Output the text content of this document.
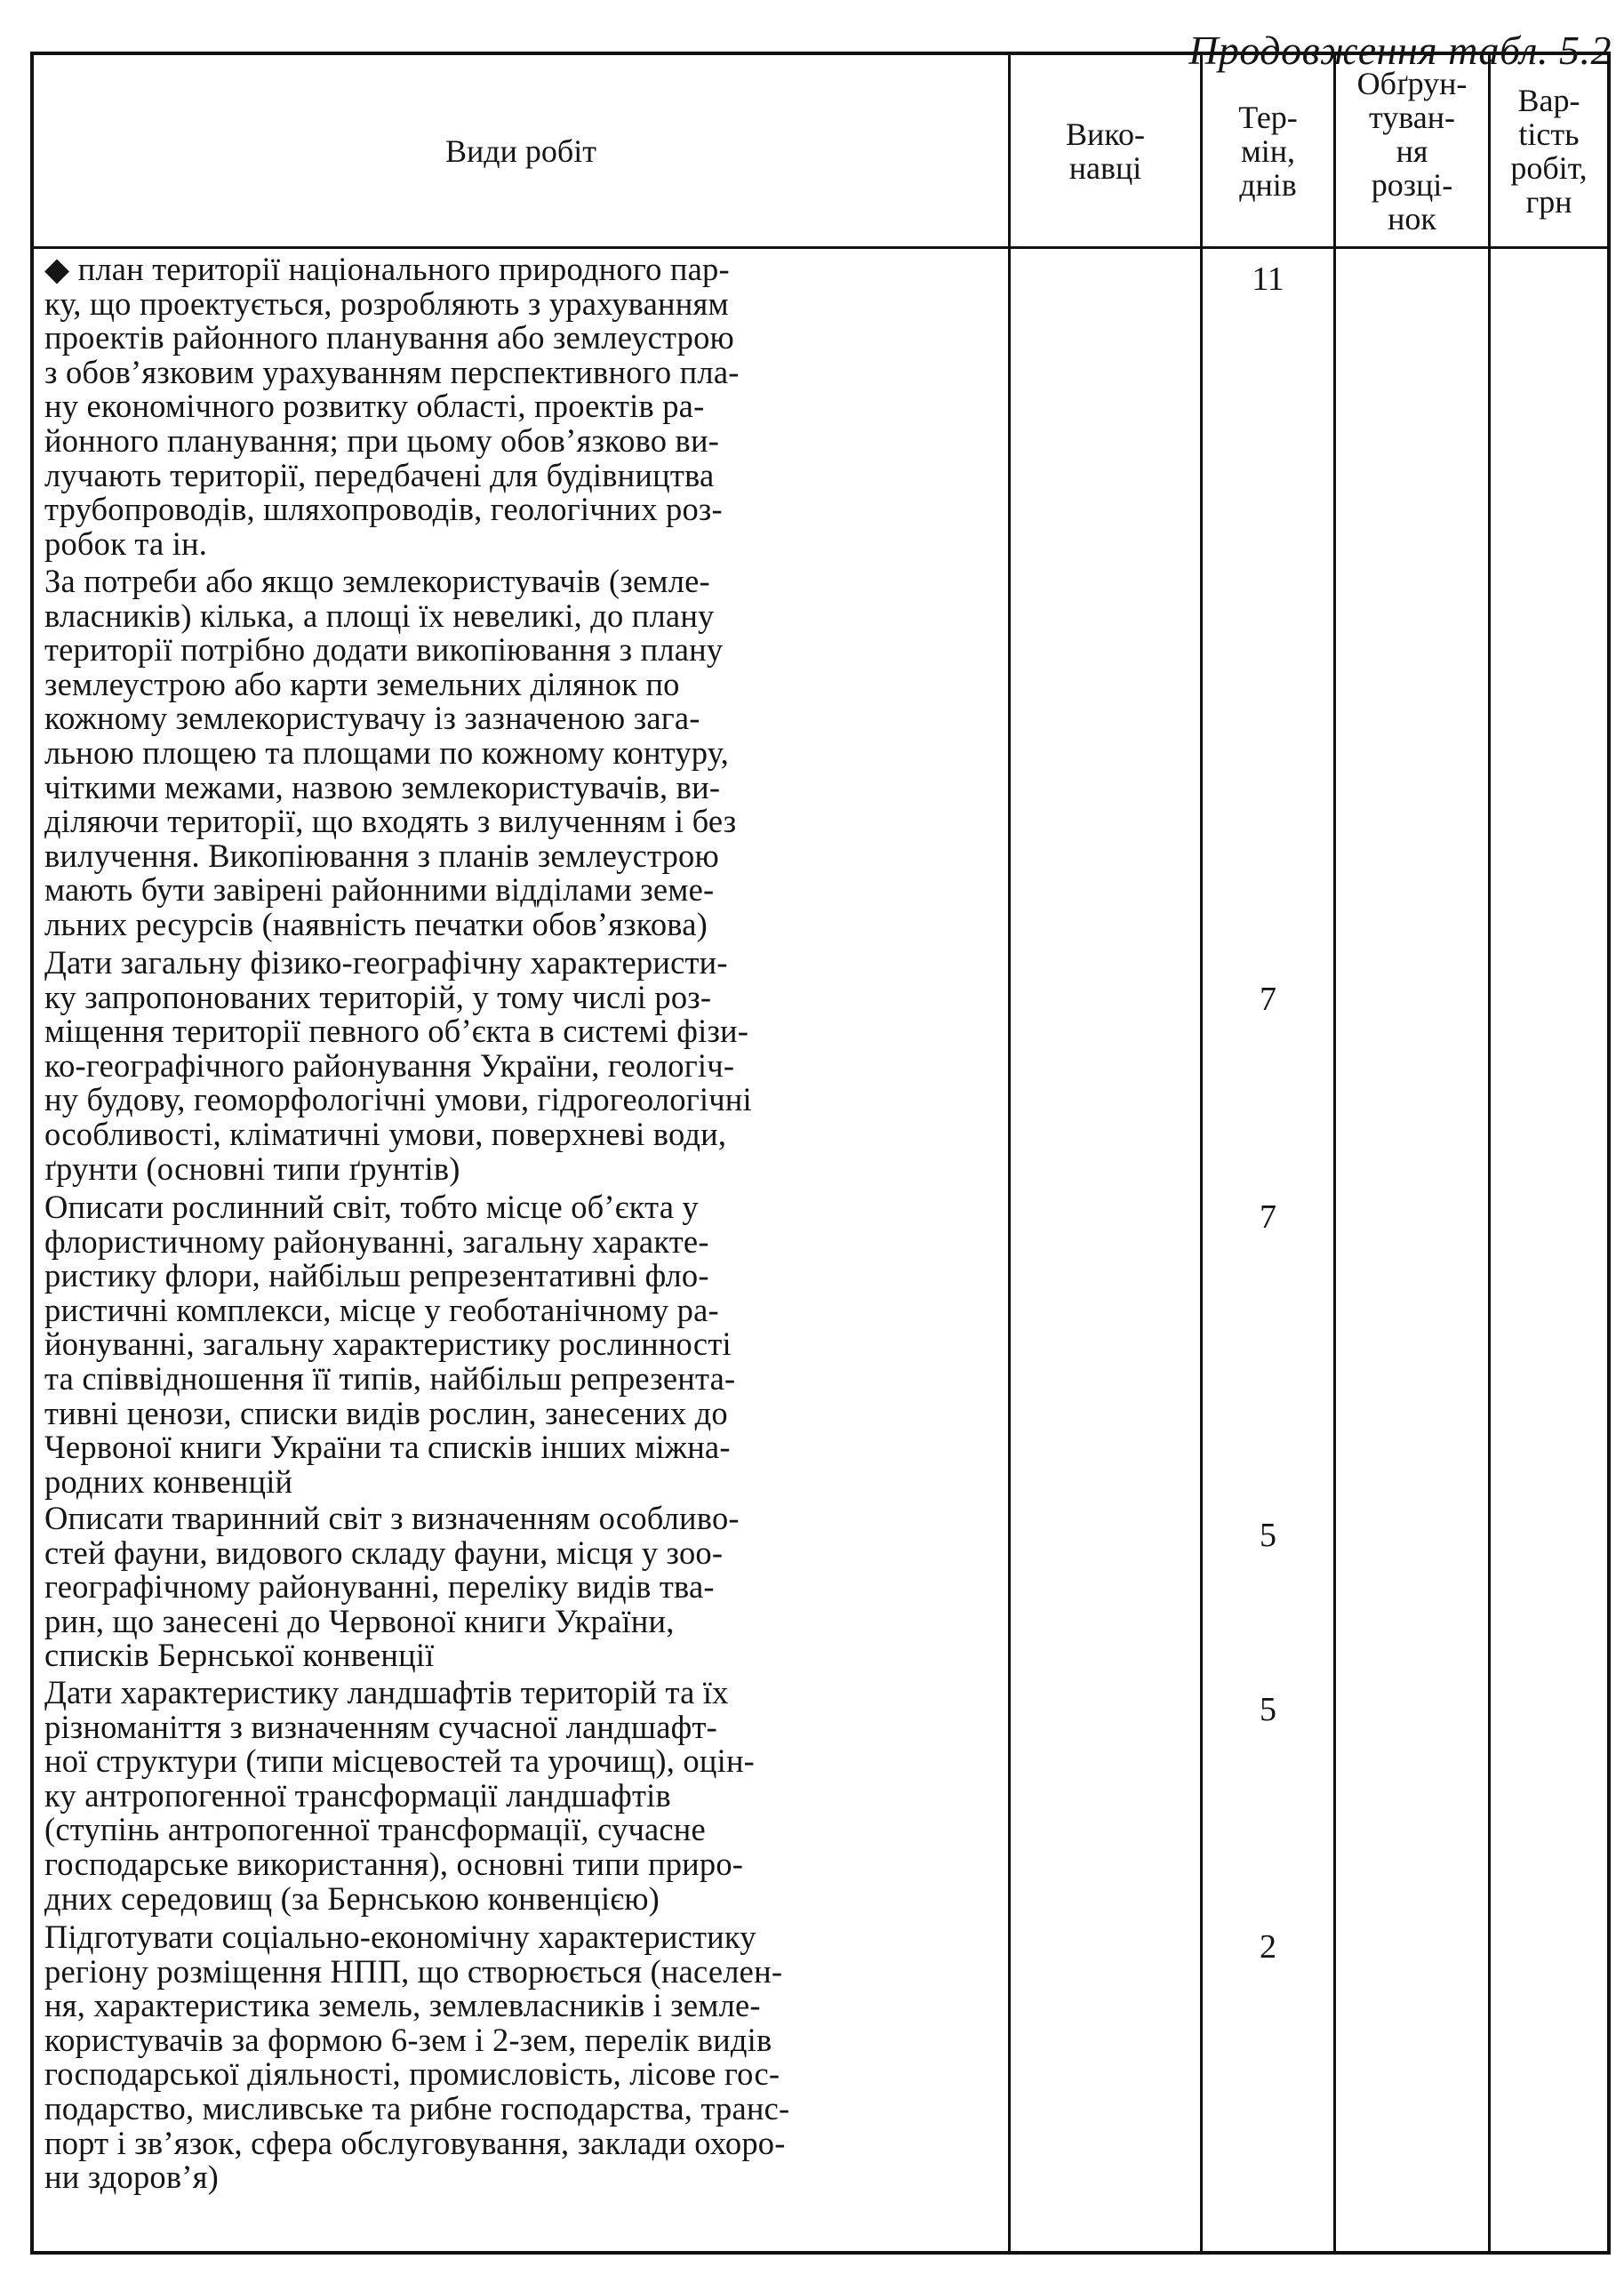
Продовження табл. 5.2
Види робіт	Вико-
навці
Тер-
мін,
днів
Обґрун-
туван-
ня
розці-
нок
Вар-
tість
робіт,
грн
◆ план території національного природного пар-
ку, що проектується, розробляють з урахуванням
проектів районного планування або землеустрою
з обов’язковим урахуванням перспективного пла-
ну економічного розвитку області, проектів ра-
йонного планування; при цьому обов’язково ви-
лучають території, передбачені для будівництва
трубопроводів, шляхопроводів, геологічних роз-
робок та ін.
11
За потреби або якщо землекористувачів (земле-
власників) кілька, а площі їх невеликі, до плану
території потрібно додати викопіювання з плану
землеустрою або карти земельних ділянок по
кожному землекористувачу із зазначеною зага-
льною площею та площами по кожному контуру,
чіткими межами, назвою землекористувачів, ви-
діляючи території, що входять з вилученням і без
вилучення. Викопіювання з планів землеустрою
мають бути завірені районними відділами земе-
льних ресурсів (наявність печатки обов’язкова)
Дати загальну фізико-географічну характеристи-
ку запропонованих територій, у тому числі роз-
міщення території певного об’єкта в системі фізи-
ко-географічного районування України, геологіч-
ну будову, геоморфологічні умови, гідрогеологічні
особливості, кліматичні умови, поверхневі води,
ґрунти (основні типи ґрунтів)
7
Описати рослинний світ, тобто місце об’єкта у
флористичному районуванні, загальну характе-
ристику флори, найбільш репрезентативні фло-
ристичні комплекси, місце у геоботанічному ра-
йонуванні, загальну характеристику рослинності
та співвідношення її типів, найбільш репрезента-
тивні ценози, списки видів рослин, занесених до
Червоної книги України та списків інших міжна-
родних конвенцій
7
Описати тваринний світ з визначенням особливо-
стей фауни, видового складу фауни, місця у зоо-
географічному районуванні, переліку видів тва-
рин, що занесені до Червоної книги України,
списків Бернської конвенції
5
Дати характеристику ландшафтів територій та їх
різноманіття з визначенням сучасної ландшафт-
ної структури (типи місцевостей та урочищ), оцін-
ку антропогенної трансформації ландшафтів
(ступінь антропогенної трансформації, сучасне
господарське використання), основні типи приро-
дних середовищ (за Бернською конвенцією)
5
Підготувати соціально-економічну характеристику
регіону розміщення НПП, що створюється (населен-
ня, характеристика земель, землевласників і земле-
користувачів за формою 6-зем і 2-зем, перелік видів
господарської діяльності, промисловість, лісове гос-
подарство, мисливське та рибне господарства, транс-
порт і зв’язок, сфера обслуговування, заклади охоро-
ни здоров’я)
2
